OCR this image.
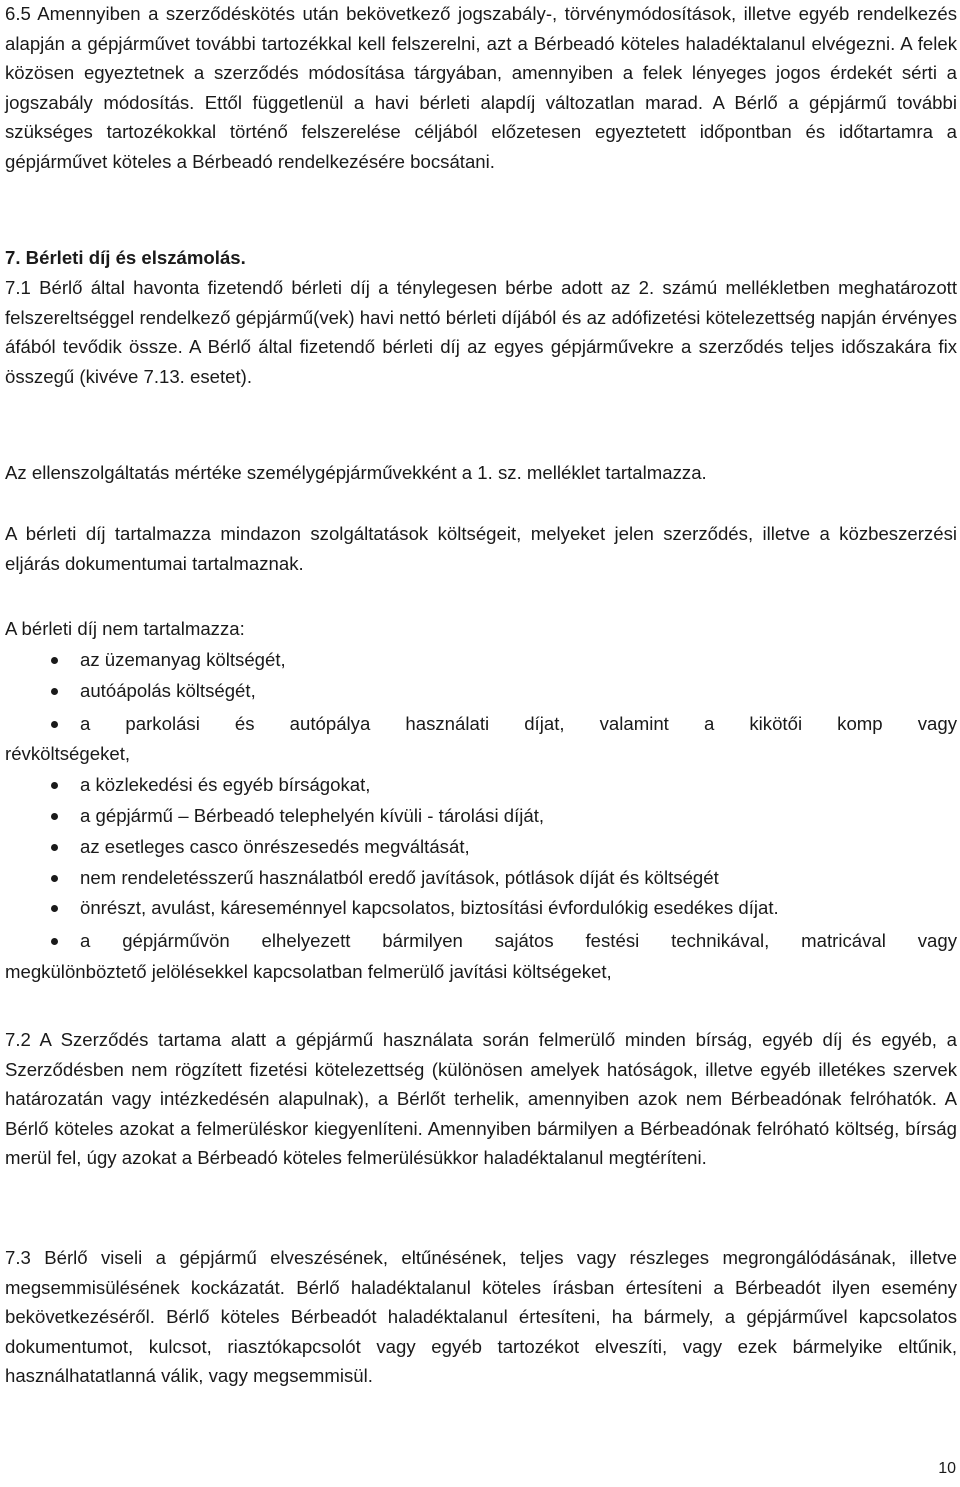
6.5 Amennyiben a szerződéskötés után bekövetkező jogszabály-, törvénymódosítások, illetve egyéb rendelkezés alapján a gépjárművet további tartozékkal kell felszerelni, azt a Bérbeadó köteles haladéktalanul elvégezni. A felek közösen egyeztetnek a szerződés módosítása tárgyában, amennyiben a felek lényeges jogos érdekét sérti a jogszabály módosítás. Ettől függetlenül a havi bérleti alapdíj változatlan marad. A Bérlő a gépjármű további szükséges tartozékokkal történő felszerelése céljából előzetesen egyeztetett időpontban és időtartamra a gépjárművet köteles a Bérbeadó rendelkezésére bocsátani.

7. Bérleti díj és elszámolás.

7.1 Bérlő által havonta fizetendő bérleti díj a ténylegesen bérbe adott az 2. számú mellékletben meghatározott felszereltséggel rendelkező gépjármű(vek) havi nettó bérleti díjából és az adófizetési kötelezettség napján érvényes áfából tevődik össze. A Bérlő által fizetendő bérleti díj az egyes gépjárművekre a szerződés teljes időszakára fix összegű (kivéve 7.13. esetet).

Az ellenszolgáltatás mértéke személygépjárművekként a 1. sz. melléklet tartalmazza.

A bérleti díj tartalmazza mindazon szolgáltatások költségeit, melyeket jelen szerződés, illetve a közbeszerzési eljárás dokumentumai tartalmaznak.

A bérleti díj nem tartalmazza:

az üzemanyag költségét,
autóápolás költségét,
a parkolási és autópálya használati díjat, valamint a kikötői komp vagy
révköltségeket,
a közlekedési és egyéb bírságokat,
a gépjármű – Bérbeadó telephelyén kívüli - tárolási díját,
az esetleges casco önrészesedés megváltását,
nem rendeletésszerű használatból eredő javítások, pótlások díját és költségét
önrészt, avulást, káreseménnyel kapcsolatos, biztosítási évfordulókig esedékes díjat.
a gépjárművön elhelyezett bármilyen sajátos festési technikával, matricával vagy
megkülönböztető jelölésekkel kapcsolatban felmerülő javítási költségeket,

7.2 A Szerződés tartama alatt a gépjármű használata során felmerülő minden bírság, egyéb díj és egyéb, a Szerződésben nem rögzített fizetési kötelezettség (különösen amelyek hatóságok, illetve egyéb illetékes szervek határozatán vagy intézkedésén alapulnak), a Bérlőt terhelik, amennyiben azok nem Bérbeadónak felróhatók. A Bérlő köteles azokat a felmerüléskor kiegyenlíteni. Amennyiben bármilyen a Bérbeadónak felróható költség, bírság merül fel, úgy azokat a Bérbeadó köteles felmerülésükkor haladéktalanul megtéríteni.

7.3 Bérlő viseli a gépjármű elveszésének, eltűnésének, teljes vagy részleges megrongálódásának, illetve megsemmisülésének kockázatát. Bérlő haladéktalanul köteles írásban értesíteni a Bérbeadót ilyen esemény bekövetkezéséről. Bérlő köteles Bérbeadót haladéktalanul értesíteni, ha bármely, a gépjárművel kapcsolatos dokumentumot, kulcsot, riasztókapcsolót vagy egyéb tartozékot elveszíti, vagy ezek bármelyike eltűnik, használhatatlanná válik, vagy megsemmisül.

10
